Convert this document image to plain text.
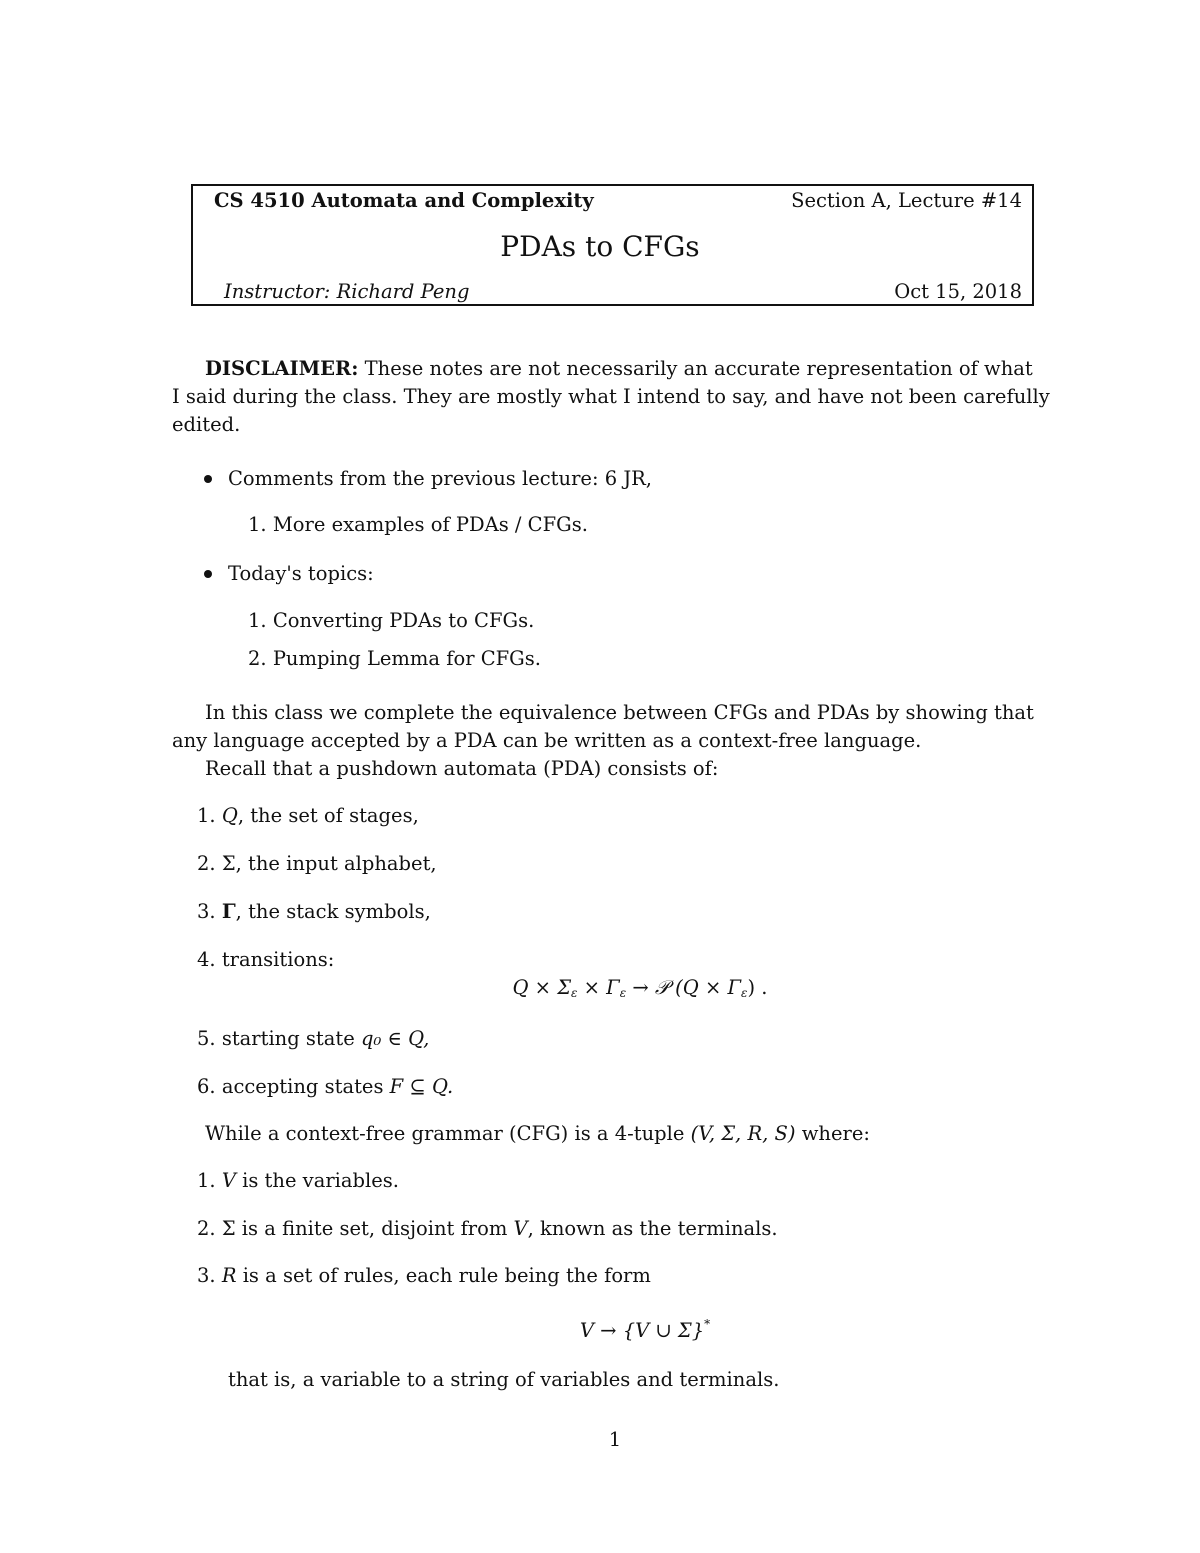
CS 4510 Automata and Complexity	Section A, Lecture #14
PDAs to CFGs
Instructor: Richard Peng	Oct 15, 2018
DISCLAIMER: These notes are not necessarily an accurate representation of what
I said during the class. They are mostly what I intend to say, and have not been carefully
edited.
Comments from the previous lecture: 6 JR,
1. More examples of PDAs / CFGs.
Today's topics:
1. Converting PDAs to CFGs.
2. Pumping Lemma for CFGs.
In this class we complete the equivalence between CFGs and PDAs by showing that
any language accepted by a PDA can be written as a context-free language.
Recall that a pushdown automata (PDA) consists of:
1. Q, the set of stages,
2. Σ, the input alphabet,
3. Γ, the stack symbols,
4. transitions:
$Q \times \Sigma_\varepsilon \times \Gamma_\varepsilon$ → 𝒫 $(Q \times \Gamma_\varepsilon)$ .
5. starting state q₀ ∈ Q,
6. accepting states F ⊆ Q.
While a context-free grammar (CFG) is a 4-tuple (V, Σ, R, S) where:
1. V is the variables.
2. Σ is a finite set, disjoint from V, known as the terminals.
3. R is a set of rules, each rule being the form
V → {V ∪ Σ}*
that is, a variable to a string of variables and terminals.
1
